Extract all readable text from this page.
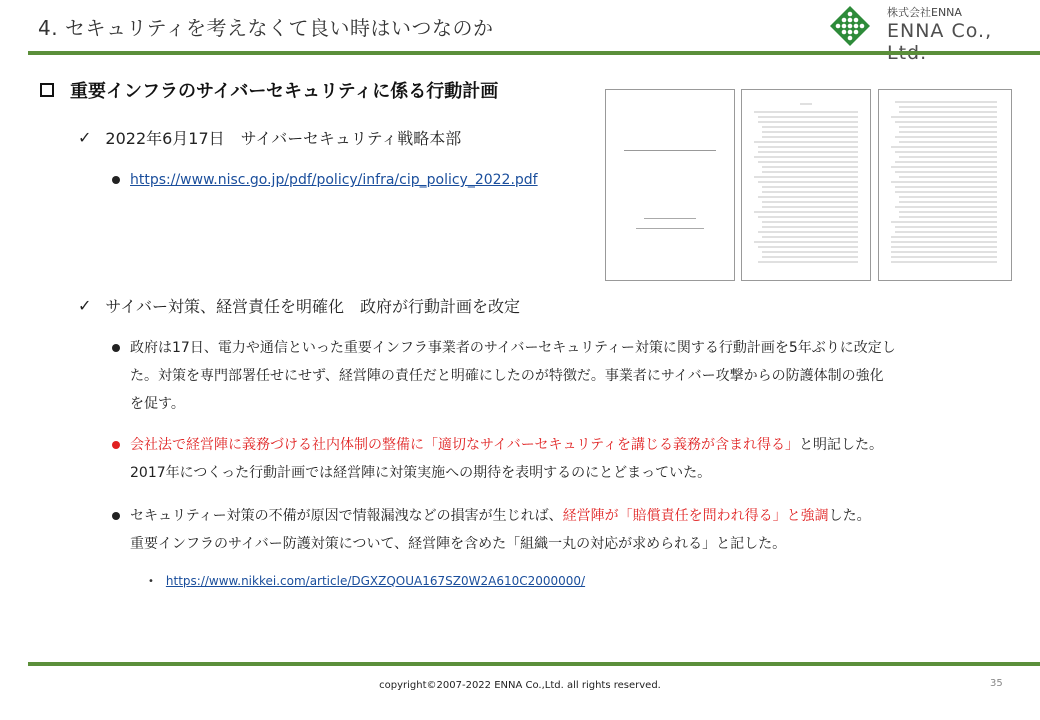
4. セキュリティを考えなくて良い時はいつなのか
株式会社ENNA
ENNA Co.,
重要インフラのサイバーセキュリティに係る行動計画
✓ 2022年6月17日　サイバーセキュリティ戦略本部
https://www.nisc.go.jp/pdf/policy/infra/cip_policy_2022.pdf
✓ サイバー対策、経営責任を明確化　政府が行動計画を改定
政府は17日、電力や通信といった重要インフラ事業者のサイバーセキュリティー対策に関する行動計画を5年ぶりに改定し
た。対策を専門部署任せにせず、経営陣の責任だと明確にしたのが特徴だ。事業者にサイバー攻撃からの防護体制の強化
を促す。
会社法で経営陣に義務づける社内体制の整備に「適切なサイバーセキュリティを講じる義務が含まれ得る」と明記した。
2017年につくった行動計画では経営陣に対策実施への期待を表明するのにとどまっていた。
セキュリティー対策の不備が原因で情報漏洩などの損害が生じれば、経営陣が「賠償責任を問われ得る」と強調した。
重要インフラのサイバー防護対策について、経営陣を含めた「組織一丸の対応が求められる」と記した。
• https://www.nikkei.com/article/DGXZQOUA167SZ0W2A610C2000000/
copyright©2007-2022 ENNA Co.,Ltd. all rights reserved.	35
